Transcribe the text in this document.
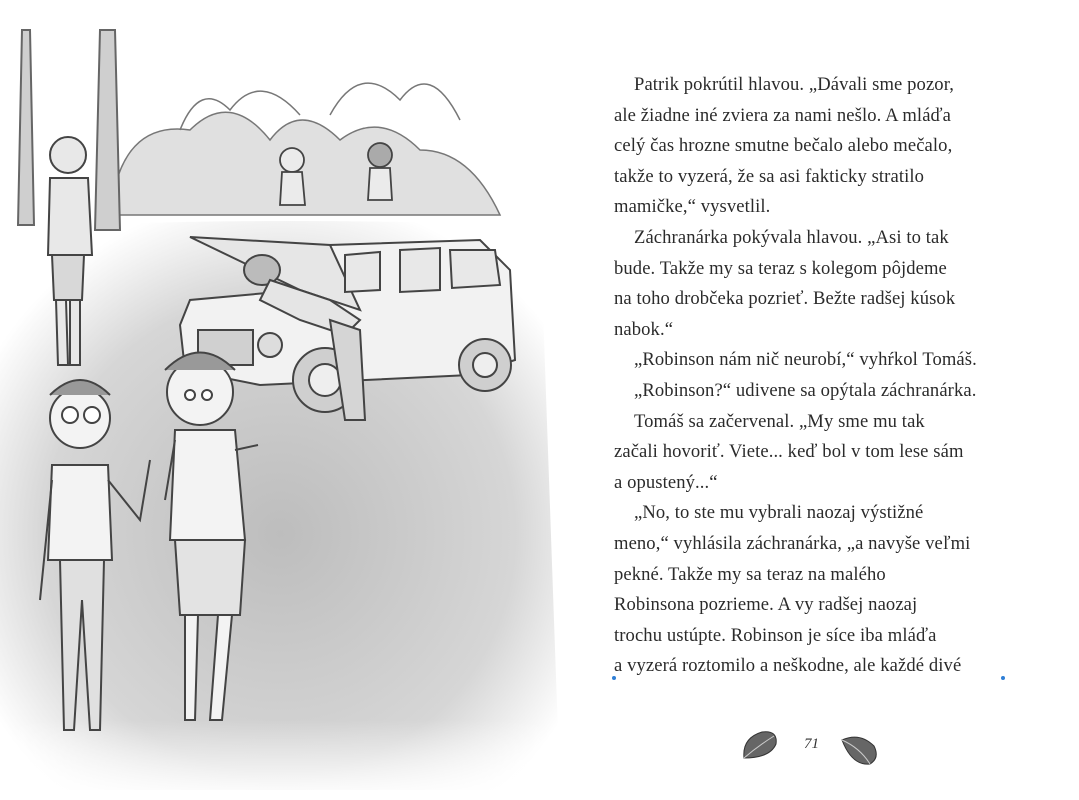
Patrik pokrútil hlavou. „Dávali sme pozor,

ale žiadne iné zviera za nami nešlo. A mláďa

celý čas hrozne smutne bečalo alebo mečalo,

takže to vyzerá, že sa asi fakticky stratilo

mamičke,“ vysvetlil.

Záchranárka pokývala hlavou. „Asi to tak

bude. Takže my sa teraz s kolegom pôjdeme

na toho drobčeka pozrieť. Bežte radšej kúsok

nabok.“

„Robinson nám nič neurobí,“ vyhŕkol Tomáš.

„Robinson?“ udivene sa opýtala záchranárka.

Tomáš sa začervenal. „My sme mu tak

začali hovoriť. Viete... keď bol v tom lese sám

a opustený...“

„No, to ste mu vybrali naozaj výstižné

meno,“ vyhlásila záchranárka, „a navyše veľmi

pekné. Takže my sa teraz na malého

Robinsona pozrieme. A vy radšej naozaj

trochu ustúpte. Robinson je síce iba mláďa

a vyzerá roztomilo a neškodne, ale každé divé

71
